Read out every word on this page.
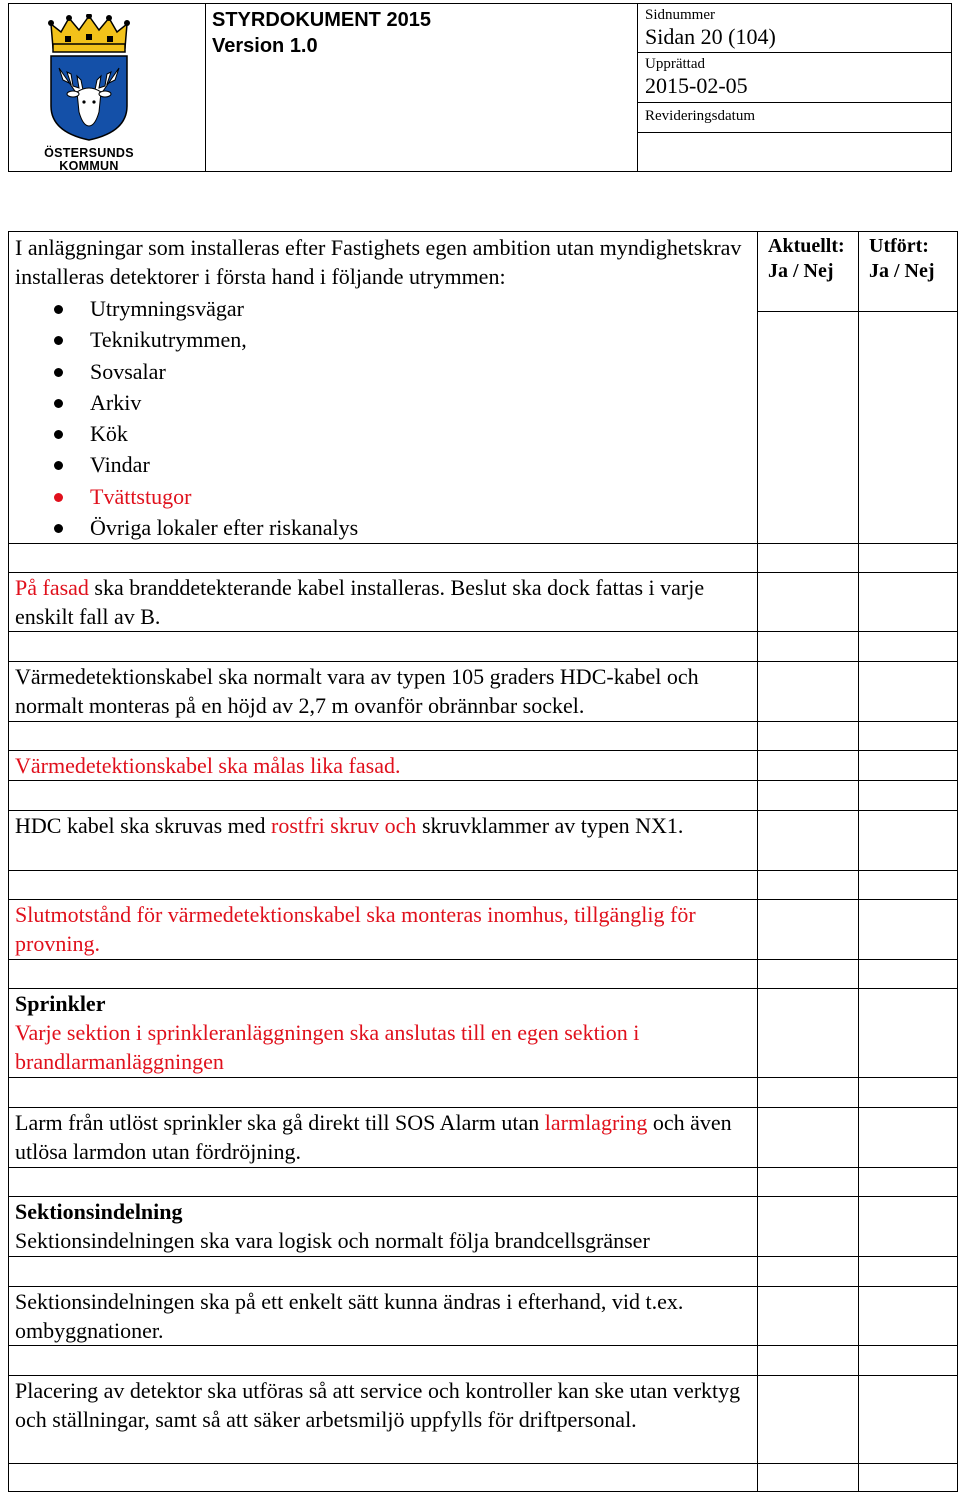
ÖSTERSUNDS
KOMMUN
STYRDOKUMENT 2015
Version 1.0
Sidnummer
Sidan 20 (104)
Upprättad
2015-02-05
Revideringsdatum
Aktuellt:
Ja / Nej
Utfört:
Ja / Nej
I anläggningar som installeras efter Fastighets egen ambition utan myndighetskrav installeras detektorer i första hand i följande utrymmen:
Utrymningsvägar
Teknikutrymmen,
Sovsalar
Arkiv
Kök
Vindar
Tvättstugor
Övriga lokaler efter riskanalys
På fasad ska branddetekterande kabel installeras. Beslut ska dock fattas i varje enskilt fall av B.
Värmedetektionskabel ska normalt vara av typen 105 graders HDC-kabel och normalt monteras på en höjd av 2,7 m ovanför obrännbar sockel.
Värmedetektionskabel ska målas lika fasad.
HDC kabel ska skruvas med rostfri skruv och skruvklammer av typen NX1.
Slutmotstånd för värmedetektionskabel ska monteras inomhus, tillgänglig för provning.
Sprinkler
Varje sektion i sprinkleranläggningen ska anslutas till en egen sektion i brandlarmanläggningen
Larm från utlöst sprinkler ska gå direkt till SOS Alarm utan larmlagring och även utlösa larmdon utan fördröjning.
Sektionsindelning
Sektionsindelningen ska vara logisk och normalt följa brandcellsgränser
Sektionsindelningen ska på ett enkelt sätt kunna ändras i efterhand, vid t.ex. ombyggnationer.
Placering av detektor ska utföras så att service och kontroller kan ske utan verktyg och ställningar, samt så att säker arbetsmiljö uppfylls för driftpersonal.
